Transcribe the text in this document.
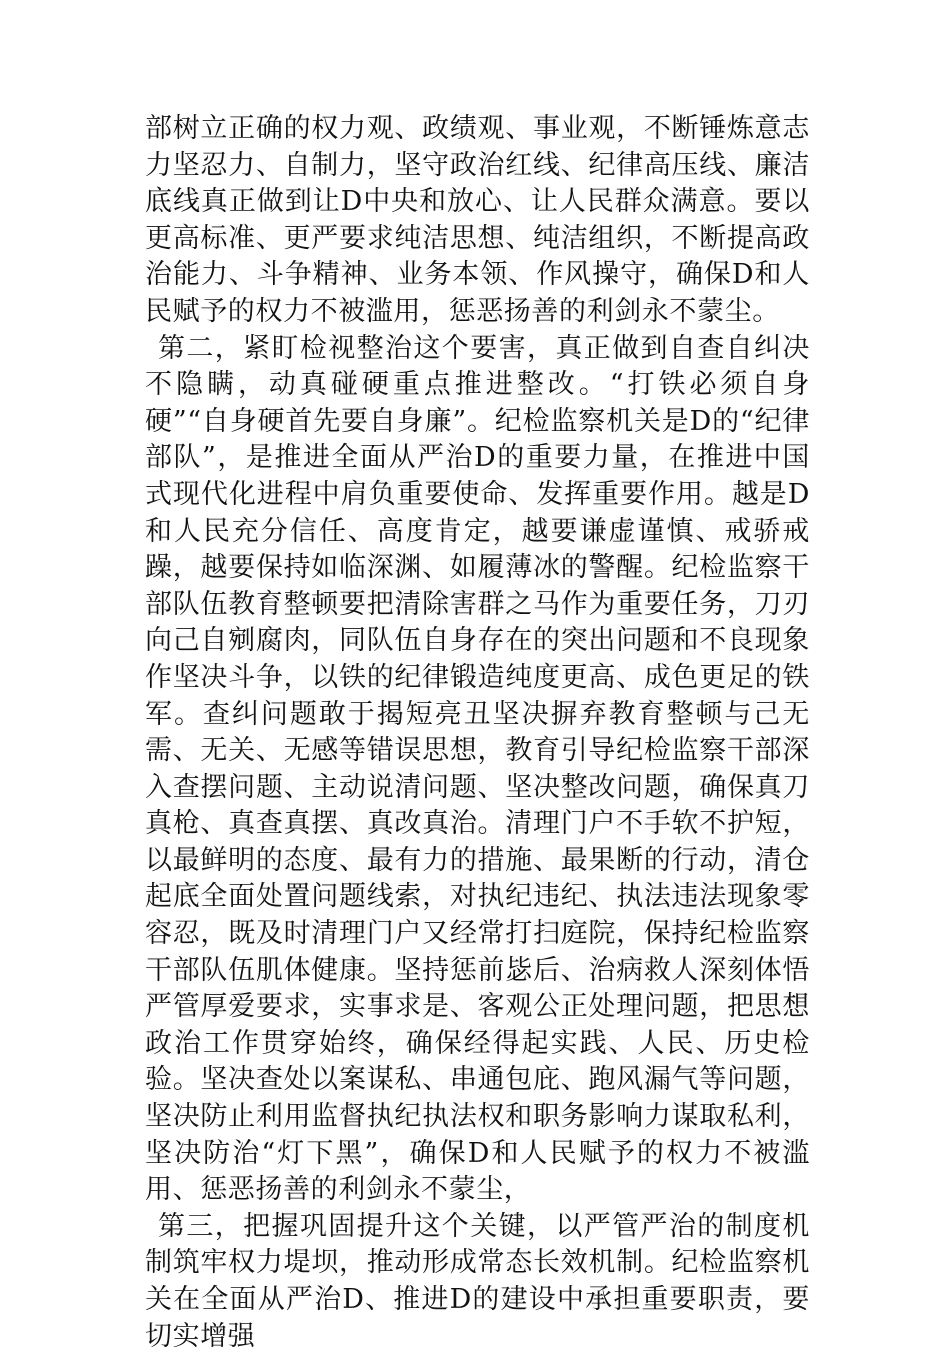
部树立正确的权力观、政绩观、事业观，不断锤炼意志力坚忍力、自制力，坚守政治红线、纪律高压线、廉洁底线真正做到让D中央和放心、让人民群众满意。要以更高标准、更严要求纯洁思想、纯洁组织，不断提高政治能力、斗争精神、业务本领、作风操守，确保D和人民赋予的权力不被滥用，惩恶扬善的利剑永不蒙尘。

第二，紧盯检视整治这个要害，真正做到自查自纠决不隐瞒，动真碰硬重点推进整改。“打铁必须自身硬”“自身硬首先要自身廉”。纪检监察机关是D的“纪律部队”，是推进全面从严治D的重要力量，在推进中国式现代化进程中肩负重要使命、发挥重要作用。越是D和人民充分信任、高度肯定，越要谦虚谨慎、戒骄戒躁，越要保持如临深渊、如履薄冰的警醒。纪检监察干部队伍教育整顿要把清除害群之马作为重要任务，刀刃向己自剜腐肉，同队伍自身存在的突出问题和不良现象作坚决斗争，以铁的纪律锻造纯度更高、成色更足的铁军。查纠问题敢于揭短亮丑坚决摒弃教育整顿与己无需、无关、无感等错误思想，教育引导纪检监察干部深入查摆问题、主动说清问题、坚决整改问题，确保真刀真枪、真查真摆、真改真治。清理门户不手软不护短，以最鲜明的态度、最有力的措施、最果断的行动，清仓起底全面处置问题线索，对执纪违纪、执法违法现象零容忍，既及时清理门户又经常打扫庭院，保持纪检监察干部队伍肌体健康。坚持惩前毖后、治病救人深刻体悟严管厚爱要求，实事求是、客观公正处理问题，把思想政治工作贯穿始终，确保经得起实践、人民、历史检验。坚决查处以案谋私、串通包庇、跑风漏气等问题，坚决防止利用监督执纪执法权和职务影响力谋取私利，坚决防治“灯下黑”，确保D和人民赋予的权力不被滥用、惩恶扬善的利剑永不蒙尘，

第三，把握巩固提升这个关键，以严管严治的制度机制筑牢权力堤坝，推动形成常态长效机制。纪检监察机关在全面从严治D、推进D的建设中承担重要职责，要切实增强
